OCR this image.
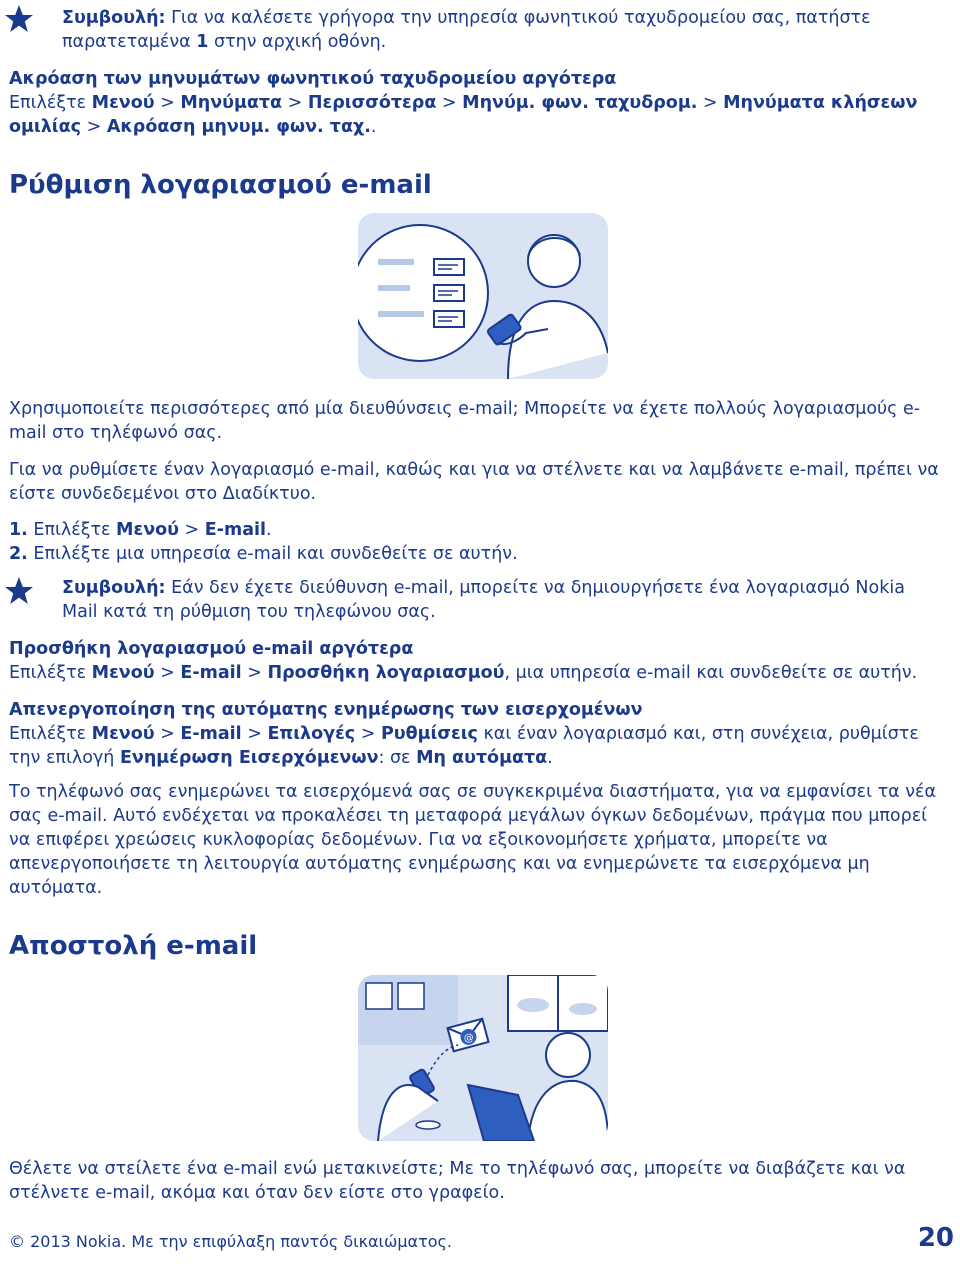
Συμβουλή: Για να καλέσετε γρήγορα την υπηρεσία φωνητικού ταχυδρομείου σας, πατήστε παρατεταμένα 1 στην αρχική οθόνη.
Ακρόαση των μηνυμάτων φωνητικού ταχυδρομείου αργότερα
Επιλέξτε Μενού > Μηνύματα > Περισσότερα > Μηνύμ. φων. ταχυδρομ. > Μηνύματα κλήσεων ομιλίας > Ακρόαση μηνυμ. φων. ταχ..
Ρύθμιση λογαριασμού e-mail
Χρησιμοποιείτε περισσότερες από μία διευθύνσεις e-mail; Μπορείτε να έχετε πολλούς λογαριασμούς e-mail στο τηλέφωνό σας.
Για να ρυθμίσετε έναν λογαριασμό e-mail, καθώς και για να στέλνετε και να λαμβάνετε e-mail, πρέπει να είστε συνδεδεμένοι στο Διαδίκτυο.
1. Επιλέξτε Μενού > E-mail.
2. Επιλέξτε μια υπηρεσία e-mail και συνδεθείτε σε αυτήν.
Συμβουλή: Εάν δεν έχετε διεύθυνση e-mail, μπορείτε να δημιουργήσετε ένα λογαριασμό Nokia Mail κατά τη ρύθμιση του τηλεφώνου σας.
Προσθήκη λογαριασμού e-mail αργότερα
Επιλέξτε Μενού > E-mail > Προσθήκη λογαριασμού, μια υπηρεσία e-mail και συνδεθείτε σε αυτήν.
Απενεργοποίηση της αυτόματης ενημέρωσης των εισερχομένων
Επιλέξτε Μενού > E-mail > Επιλογές > Ρυθμίσεις και έναν λογαριασμό και, στη συνέχεια, ρυθμίστε την επιλογή Ενημέρωση Εισερχόμενων: σε Μη αυτόματα.
Το τηλέφωνό σας ενημερώνει τα εισερχόμενά σας σε συγκεκριμένα διαστήματα, για να εμφανίσει τα νέα σας e-mail. Αυτό ενδέχεται να προκαλέσει τη μεταφορά μεγάλων όγκων δεδομένων, πράγμα που μπορεί να επιφέρει χρεώσεις κυκλοφορίας δεδομένων. Για να εξοικονομήσετε χρήματα, μπορείτε να απενεργοποιήσετε τη λειτουργία αυτόματης ενημέρωσης και να ενημερώνετε τα εισερχόμενα μη αυτόματα.
Αποστολή e-mail
@
Θέλετε να στείλετε ένα e-mail ενώ μετακινείστε; Με το τηλέφωνό σας, μπορείτε να διαβάζετε και να στέλνετε e-mail, ακόμα και όταν δεν είστε στο γραφείο.
© 2013 Nokia. Με την επιφύλαξη παντός δικαιώματος.	20
